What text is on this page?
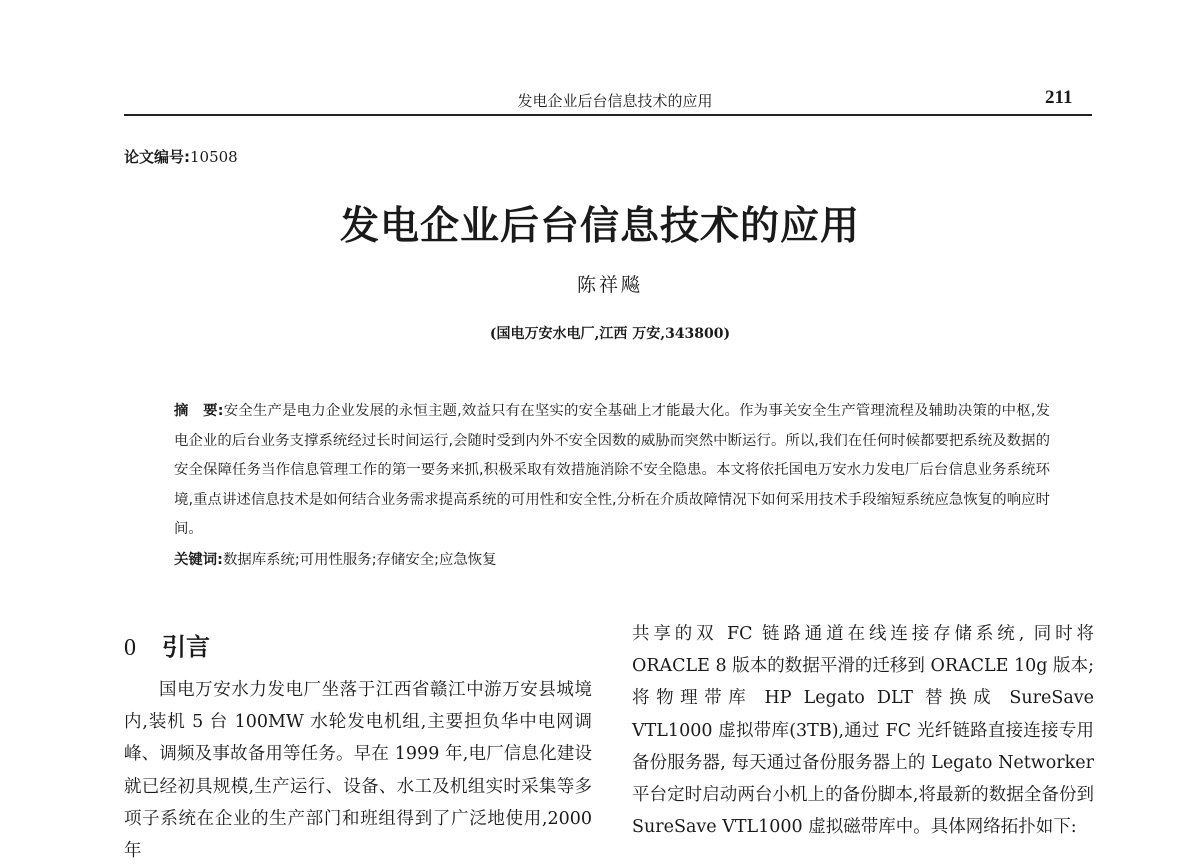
发电企业后台信息技术的应用	211
论文编号:10508
发电企业后台信息技术的应用
陈祥飚
(国电万安水电厂,江西 万安,343800)
摘　要:安全生产是电力企业发展的永恒主题,效益只有在坚实的安全基础上才能最大化。作为事关安全生产管理流程及辅助决策的中枢,发电企业的后台业务支撑系统经过长时间运行,会随时受到内外不安全因数的威胁而突然中断运行。所以,我们在任何时候都要把系统及数据的安全保障任务当作信息管理工作的第一要务来抓,积极采取有效措施消除不安全隐患。本文将依托国电万安水力发电厂后台信息业务系统环境,重点讲述信息技术是如何结合业务需求提高系统的可用性和安全性,分析在介质故障情况下如何采用技术手段缩短系统应急恢复的响应时间。
关键词:数据库系统;可用性服务;存储安全;应急恢复
0 引言
国电万安水力发电厂坐落于江西省赣江中游万安县城境内,装机 5 台 100MW 水轮发电机组,主要担负华中电网调峰、调频及事故备用等任务。早在 1999 年,电厂信息化建设就已经初具规模,生产运行、设备、水工及机组实时采集等多项子系统在企业的生产部门和班组得到了广泛地使用,2000 年
共享的双 FC 链路通道在线连接存储系统, 同时将 ORACLE 8 版本的数据平滑的迁移到 ORACLE 10g 版本; 将物理带库 HP Legato DLT 替换成 SureSave VTL1000 虚拟带库(3TB),通过 FC 光纤链路直接连接专用备份服务器, 每天通过备份服务器上的 Legato Networker 平台定时启动两台小机上的备份脚本,将最新的数据全备份到 SureSave VTL1000 虚拟磁带库中。具体网络拓扑如下:
